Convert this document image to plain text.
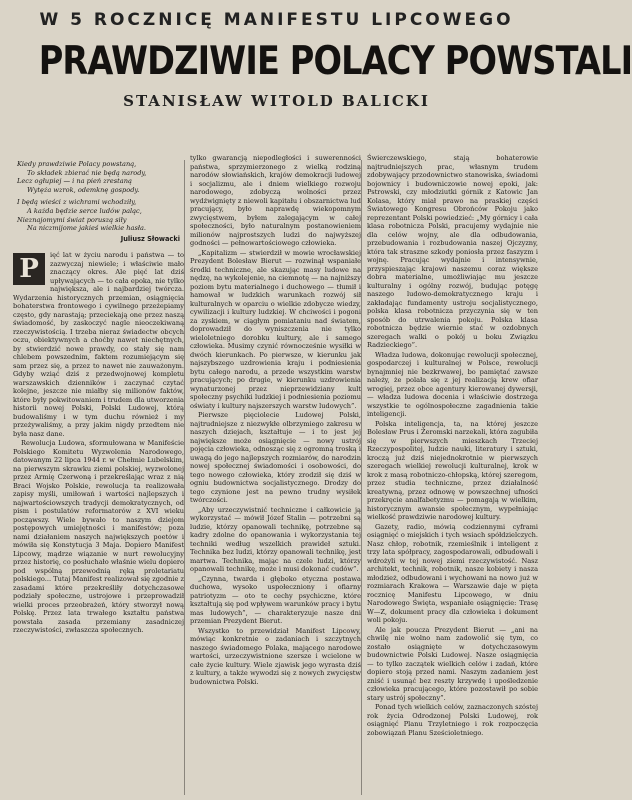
W 5 ROCZNICĘ MANIFESTU LIPCOWEGO
PRAWDZIWIE POLACY POWSTALI
STANISŁAW WITOLD BALICKI
Kiedy prawdziwie Polacy powstaną,
To składek zbierać nie będą narody,
Lecz ogłupiej — i na pień zrestaną
Wytęża wzrok, odemknę gospody.
I będą wieści z wichrami wchodziły,
A każda będzie serce ludów paląc,
Nieznajomymi świat poruszą siły
Na niczmijome jakieś wielkie hasła.
Juliusz Słowacki

P	ięć lat w życiu narodu i państwa — to zazwyczaj niewiele; i właściwie mało znaczący okres. Ale pięć lat dziś upływających — to cała epoka, nie tylko największa, ale i najbardziej twórcza. Wydarzenia historycznych przemian, osiągnięcia bohaterstwa frontowego i cywilnego przeżepiamy często, gdy narastają; przeciekają one przez naszą świadomość, by zaskoczyć nagle nieoczekiwaną rzeczywistością. I trzeba nieraz świadectw obcych oczu, obiektywnych a choćby nawet niechętnych, by stwierdzić nowe prawdy, co stały się nam chlebem powszednim, faktem rozumiejącym się sam przez się, a przez to nawet nie zauważonym. Gdyby wziąć dziś z przedwojnowej kompletu warszawskich dzienników i zaczynać czytać kolejne, jeszcze nie miałby się milionów faktów, które były pokwitowaniem i trudem dla utworzenia historii nowej Polski, Polski Ludowej, którą budowaliśmy i w tym duchu również i my przeżywaliśmy, a przy jakim nigdy przedtem nie była nasz dane.

Rewolucja Ludowa, sformułowana w Manifeście Polskiego Komitetu Wyzwolenia Narodowego, datowanym 22 lipca 1944 r. w Chełmie Lubelskim, na pierwszym skrawku ziemi polskiej, wyzwolonej przez Armię Czerwoną i przekreślając wraz z nią Braci Wojsko Polskie, rewolucja ta realizowała zapisy myśli, umiłowań i wartości najlepszych i najwartościowszych tradycji demokratycznych, od pism i postulatów reformatorów z XVI wieku począwszy. Wiele bywało to naszym dziejom postępowych umiejętności i manifestów; poza nami działaniem naszych największych poetów i mówiła się Konstytucja 3 Maja. Dopiero Manifest Lipcowy, mądrze wiązanie w nurt rewolucyjny przez historię, co posłuchało właśnie wielu dopiero pod wspólną przewodnią ręką proletariatu polskiego... Tutaj Manifest realizował się zgodnie z zasadami które przekreśliły dotychczasowe podziały społeczne, ustrojowe i przeprowadził wielki proces przeobrażeń, który stworzył nową Polskę. Przez lata trwałego kształtu państwa powstała zasada przemiany zasadniczej rzeczywistości, zwłaszcza społecznych.

tylko gwarancją niepodległości i suwerenności państwa, sprzymierzonego z wielką rodziną narodów słowiańskich, krajów demokracji ludowej i socjalizmu, ale i dniem wielkiego rozwoju narodowego, zdobyczą wolności przez wydźwignięty z niewoli kapitału i obszarnictwa lud pracujący, było naprawdę wiekopomnym zwycięstwem, byłem zalegającym w całej społeczności, było naturalnym postanowieniem milionów najprostszych ludzi do najwyższej godności — pełnowartościowego człowieka.

„Kapitalizm — stwierdził w mowie wrocławskiej Prezydent Bolesław Bierut — rozwinął wspaniałe środki techniczne, ale skazując masy ludowe na nędzę, na wykolejenie, na ciemnotę — na najniższy poziom bytu materialnego i duchowego — tłumił i hamował w ludzkich warunkach rozwój sił kulturalnych w oparciu o wielkie zdobycze wiedzy, cywilizacji i kultury ludzkiej. W chciwości i pogoni za zyskiem, w ciągłym pomiataniu nad światem, doprowadził do wyniszczenia nie tylko wieloletniego dorobku kultury, ale i samego człowieka. Musimy czynić równocześnie wysiłki w dwóch kierunkach. Po pierwsze, w kierunku jak najszybszego uzdrowienia kraju i podniesienia bytu całego narodu, a przede wszystkim warstw pracujących; po drugie, w kierunku uzdrowienia wynaturzonej przez nieprzewidziany kult społeczny psychiki ludzkiej i podniesienia poziomu oświaty i kultury najszerszych warstw ludowych”.

Pierwsze pięciolecie Ludowej Polski, najtrudniejsze z niezwykłe olbrzymiego zakresu w naszych dziejach, kształtuje — i to jest jej największe może osiągnięcie — nowy ustrój pojęcia człowieka, odnosząc się z ogromną troską i uwagą do jego najlepszych rozmiarów, do narodzin nowej społecznej świadomości i osobowości, do tego nowego człowieka, który zrodził się dziś w ogniu budownictwa socjalistycznego. Drodzy do tego czynione jest na pewno trudny wysiłek twórczości.

„Aby urzeczywistnić techniczne i całkowicie ją wykorzystać — mówił Józef Stalin — potrzebni są ludzie, którzy opanowali technikę, potrzebne są kadry zdolne do opanowania i wykorzystania tej techniki według wszelkich prawideł sztuki. Technika bez ludzi, którzy opanowali technikę, jest martwa. Technika, mając na czele ludzi, którzy opanowali technikę, może i musi dokonać cudów”.

„Czynna, twarda i głęboko etyczna postawa duchowa, wysoko uspołeczniony i ofiarny patriotyzm — oto te cechy psychiczne, które kształtują się pod wpływem warunków pracy i bytu mas ludowych”, — charakteryzuje nasze dni przemian Prezydent Bierut.

Wszystko to przewidział Manifest Lipcowy, mówiąc konkretnie o zadaniach i szczytnych naszego świadomego Polaka, mającego narodowe wartości, urzeczywistnione szersze i wcielone w całe życie kultury. Wiele zjawisk jego wyrasta dziś z kultury, a także wywodzi się z nowych zwycięstw budownictwa Polski.

Świerczewskiego, stają bohaterowie najtrudniejszych prac, własnym trudem zdobywający przodownictwo stanowiska, świadomi bojownicy i budowniczowie nowej epoki, jak: Pstrowski, czy młodziutki górnik z Katowic Jan Kolasa, który miał prawo na praskiej części Światowego Kongresu Obrońców Pokoju jako reprezentant Polski powiedzieć: „My górnicy i cała klasa robotnicza Polski, pracujemy wydajnie nie dla celów wojny, ale dla odbudowania, przebudowania i rozbudowania naszej Ojczyzny, która tak straszne szkody poniosła przez faszyzm i wojnę. Pracując wydajnie i intensywnie, przyspieszając krajowi naszemu coraz większe dobra materialne, umożliwiając mu jeszcze kulturalny i ogólny rozwój, budując potęgę naszego ludowo-demokratycznego kraju i zakładając fundamenty ustroju socjalistycznego, polska klasa robotnicza przyczynia się w ten sposób do utrwalenia pokoju. Polska klasa robotnicza będzie wiernie stać w ozdobnych szeregach walki o pokój u boku Związku Radzieckiego”.

Władza ludowa, dokonując rewolucji społecznej, gospodarczej i kulturalnej w Polsce, rewolucji bynajmniej nie bezkrwawej, bo pamiętać zawsze należy, że polała się z jej realizacją krew ofiar wrogiej, przez obce agentury kierowanej dywersji, — władza ludowa docenia i właściwie dostrzega wszystkie te ogólnospołeczne zagadnienia takie inteligencji.

Polska inteligencja, ta, na której jeszcze Bolesław Prus i Żeromski narzekali, która zagubiła się w pierwszych mieszkach Trzeciej Rzeczypospolitej, ludzie nauki, literatury i sztuki, kroczą już dziś niejednokrotnie w pierwszych szeregach wielkiej rewolucji kulturalnej, krok w krok z masą robotniczo-chłopską, której szeregom, przez studia techniczne, przez działalność kreatywną, przez odnowę w powszechnej ufności przekręcie analfabetyzmu — pomagają w wielkim, historycznym awansie społecznym, wypełniając wielkość prawdziwie narodowej kultury.

Gazety, radio, mówią codziennymi cyframi osiągnięć o miejskich i tych wsiach spółdzielczych. Nasz chłop, robotnik, rzemieślnik i inteligent z trzy lata spółpracy, zagospodarowali, odbudowali i wdrożyli w tej nowej ziemi rzeczywistość. Nasz architekt, technik, robotnik, nasze kobiety i nasza młodzież, odbudowani i wychowani na nowo już w rozmiarach Krakowa — Warszawie daje w pięta rocznicę Manifestu Lipcowego, w dniu Narodowego Święta, wspaniałe osiągnięcie: Trasę W—Z, dokument pracy dla człowieka i dokument woli pokoju.

Ale jak poucza Prezydent Bierut — „ani na chwilę nie wolno nam zadowolić się tym, co zostało osiągnięte w dotychczasowym budownictwie Polski Ludowej. Nasze osiągnięcia — to tylko zaczątek wielkich celów i zadań, które dopiero stoją przed nami. Naszym zadaniem jest zniść i usunąć bez reszty krzywdę i upośledzenie człowieka pracującego, które pozostawił po sobie stary ustrój społeczny”.

Ponad tych wielkich celów, zaznaczonych szóstej rok życia Odrodzonej Polski Ludowej, rok osiągnięć Planu Trzyletniego i rok rozpoczęcia zobowiązań Planu Sześcioletniego.
